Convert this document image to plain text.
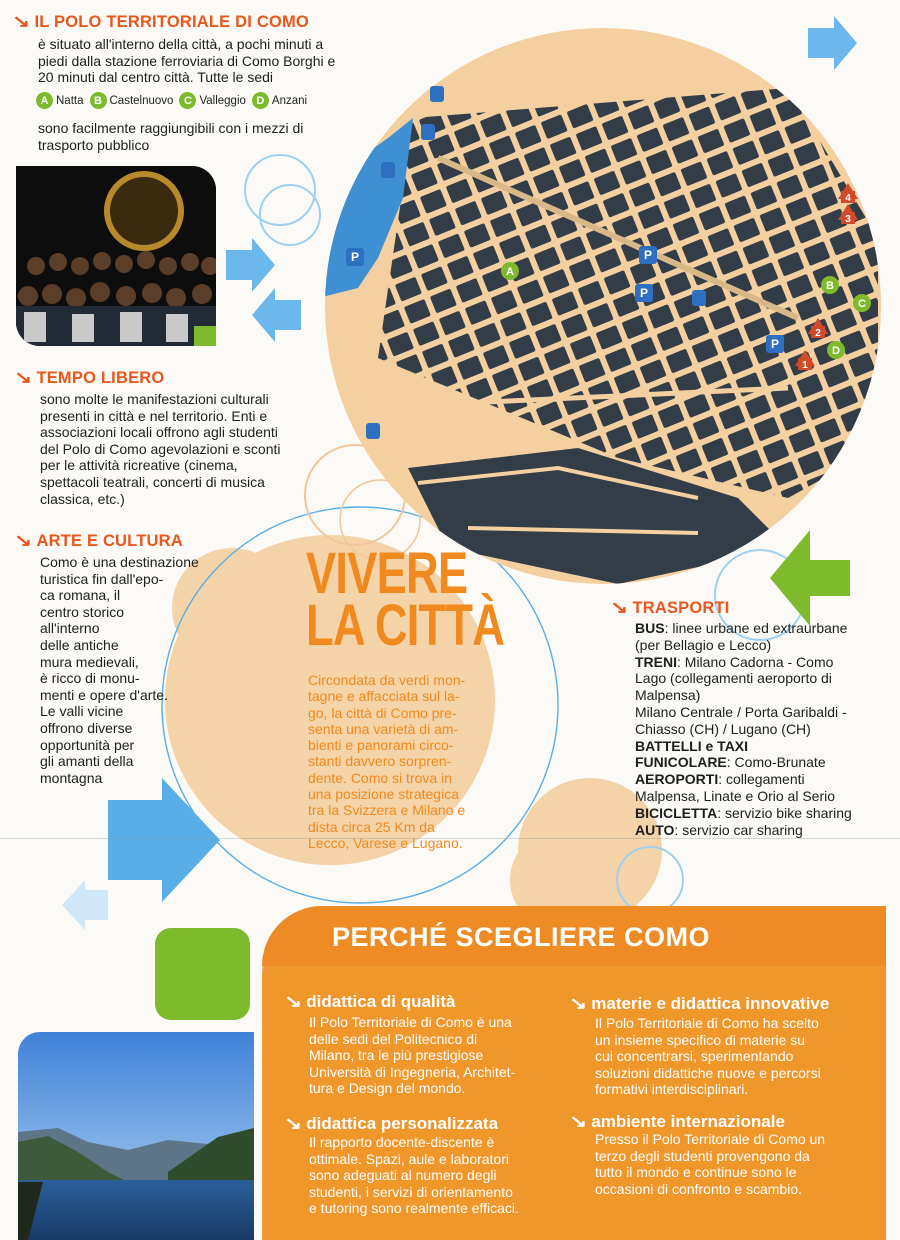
A
B
C
D
P	P
P
P
1
2
3
4
↘ IL POLO TERRITORIALE DI COMO
è situato all'interno della città, a pochi minuti a
piedi dalla stazione ferroviaria di Como Borghi e
20 minuti dal centro città. Tutte le sedi
A Natta B Castelnuovo C Valleggio D Anzani
sono facilmente raggiungibili con i mezzi di
trasporto pubblico
↘ TEMPO LIBERO
sono molte le manifestazioni culturali
presenti in città e nel territorio. Enti e
associazioni locali offrono agli studenti
del Polo di Como agevolazioni e sconti
per le attività ricreative (cinema,
spettacoli teatrali, concerti di musica
classica, etc.)
↘ ARTE E CULTURA
Como è una destinazione
turistica fin dall'epo-
ca romana, il
centro storico
all'interno
delle antiche
mura medievali,
è ricco di monu-
menti e opere d'arte.
Le valli vicine
offrono diverse
opportunità per
gli amanti della
montagna
VIVERE
LA CITTÀ
Circondata da verdi mon-
tagne e affacciata sul la-
go, la città di Como pre-
senta una varietà di am-
bienti e panorami circo-
stanti davvero sorpren-
dente. Como si trova in
una posizione strategica
tra la Svizzera e Milano e
dista circa 25 Km da
Lecco, Varese e Lugano.
↘ TRASPORTI

BUS: linee urbane ed extraurbane
(per Bellagio e Lecco)

TRENI: Milano Cadorna - Como
Lago (collegamenti aeroporto di
Malpensa)
Milano Centrale / Porta Garibaldi -
Chiasso (CH) / Lugano (CH)

BATTELLI e TAXI

FUNICOLARE: Como-Brunate

AEROPORTI: collegamenti
Malpensa, Linate e Orio al Serio

BICICLETTA: servizio bike sharing

AUTO: servizio car sharing

PERCHÉ SCEGLIERE COMO
↘ didattica di qualità
Il Polo Territoriale di Como è una
delle sedi del Politecnico di
Milano, tra le più prestigiose
Università di Ingegneria, Architet-
tura e Design del mondo.
↘ didattica personalizzata
Il rapporto docente-discente è
ottimale. Spazi, aule e laboratori
sono adeguati al numero degli
studenti, i servizi di orientamento
e tutoring sono realmente efficaci.
↘ materie e didattica innovative
Il Polo Territoriale di Como ha scelto
un insieme specifico di materie su
cui concentrarsi, sperimentando
soluzioni didattiche nuove e percorsi
formativi interdisciplinari.
↘ ambiente internazionale
Presso il Polo Territoriale di Como un
terzo degli studenti provengono da
tutto il mondo e continue sono le
occasioni di confronto e scambio.
